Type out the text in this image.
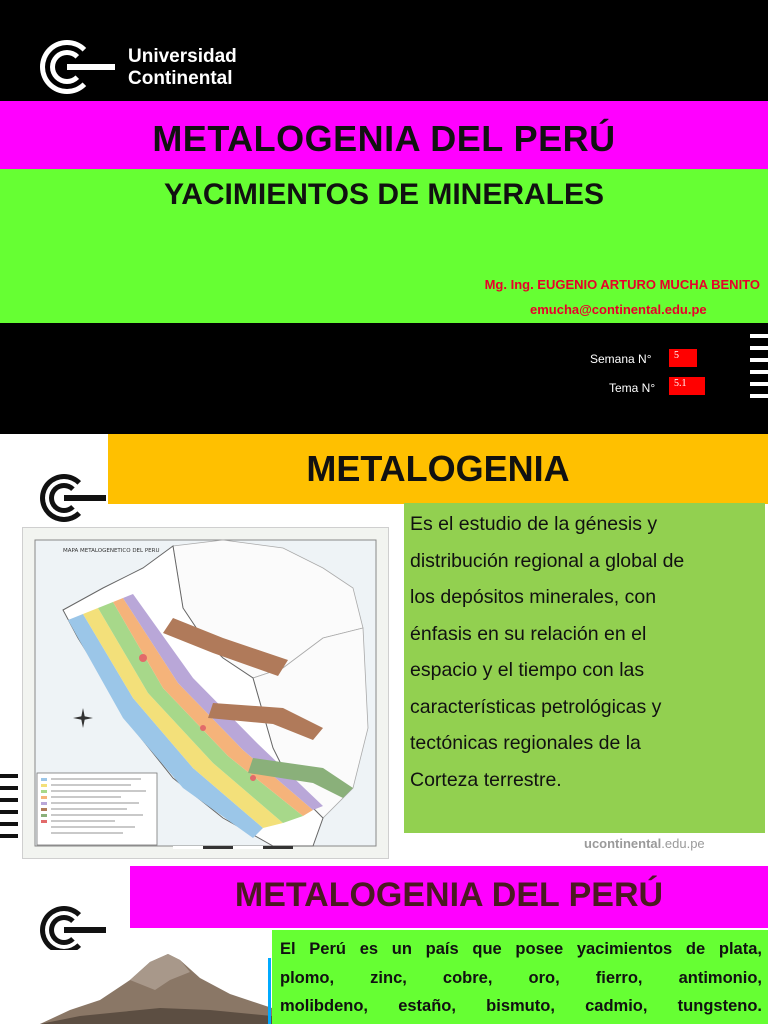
Universidad
Continental
METALOGENIA DEL PERÚ
YACIMIENTOS DE MINERALES
Mg. Ing. EUGENIO ARTURO MUCHA BENITO
emucha@continental.edu.pe
Semana N°	5
Tema N°	5.1
METALOGENIA
MAPA METALOGENETICO DEL PERU
Es el estudio de la génesis y
distribución regional a global de
los depósitos minerales, con
énfasis en su relación en el
espacio y el tiempo con las
características petrológicas y
tectónicas regionales de la
Corteza terrestre.
ucontinental.edu.pe
METALOGENIA DEL PERÚ
El Perú es un país que posee yacimientos de plata,
plomo, zinc, cobre, oro, fierro, antimonio,
molibdeno, estaño, bismuto, cadmio, tungsteno.
